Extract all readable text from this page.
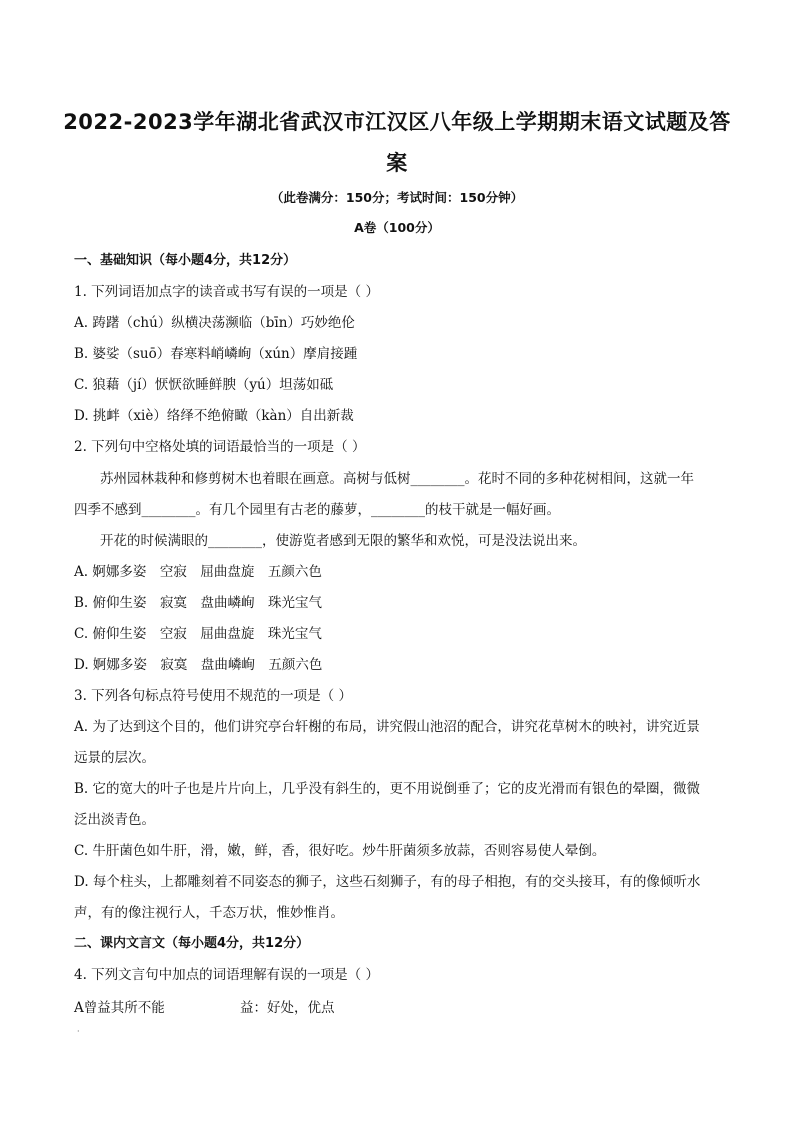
2022-2023学年湖北省武汉市江汉区八年级上学期期末语文试题及答
案
（此卷满分：150分；考试时间：150分钟）
A卷（100分）
一、基础知识（每小题4分，共12分）
1. 下列词语加点字的读音或书写有误的一项是（ ）
A. 踌躇（chú）纵横决荡濒临（bīn）巧妙绝伦
B. 婆娑（suō）春寒料峭嶙峋（xún）摩肩接踵
C. 狼藉（jí）恹恹欲睡鲜腴（yú）坦荡如砥
D. 挑衅（xiè）络绎不绝俯瞰（kàn）自出新裁
2. 下列句中空格处填的词语最恰当的一项是（ ）
苏州园林栽种和修剪树木也着眼在画意。高树与低树________。花时不同的多种花树相间，这就一年
四季不感到________。有几个园里有古老的藤萝，________的枝干就是一幅好画。
开花的时候满眼的________，使游览者感到无限的繁华和欢悦，可是没法说出来。
A. 婀娜多姿　空寂　屈曲盘旋　五颜六色
B. 俯仰生姿　寂寞　盘曲嶙峋　珠光宝气
C. 俯仰生姿　空寂　屈曲盘旋　珠光宝气
D. 婀娜多姿　寂寞　盘曲嶙峋　五颜六色
3. 下列各句标点符号使用不规范的一项是（ ）
A. 为了达到这个目的，他们讲究亭台轩榭的布局，讲究假山池沼的配合，讲究花草树木的映衬，讲究近景
远景的层次。
B. 它的宽大的叶子也是片片向上，几乎没有斜生的，更不用说倒垂了；它的皮光滑而有银色的晕圈，微微
泛出淡青色。
C. 牛肝菌色如牛肝，滑，嫩，鲜，香，很好吃。炒牛肝菌须多放蒜，否则容易使人晕倒。
D. 每个柱头，上都雕刻着不同姿态的狮子，这些石刻狮子，有的母子相抱，有的交头接耳，有的像倾听水
声，有的像注视行人，千态万状，惟妙惟肖。
二、课内文言文（每小题4分，共12分）
4. 下列文言句中加点的词语理解有误的一项是（ ）
A曾益其所不能	益：好处，优点
·
